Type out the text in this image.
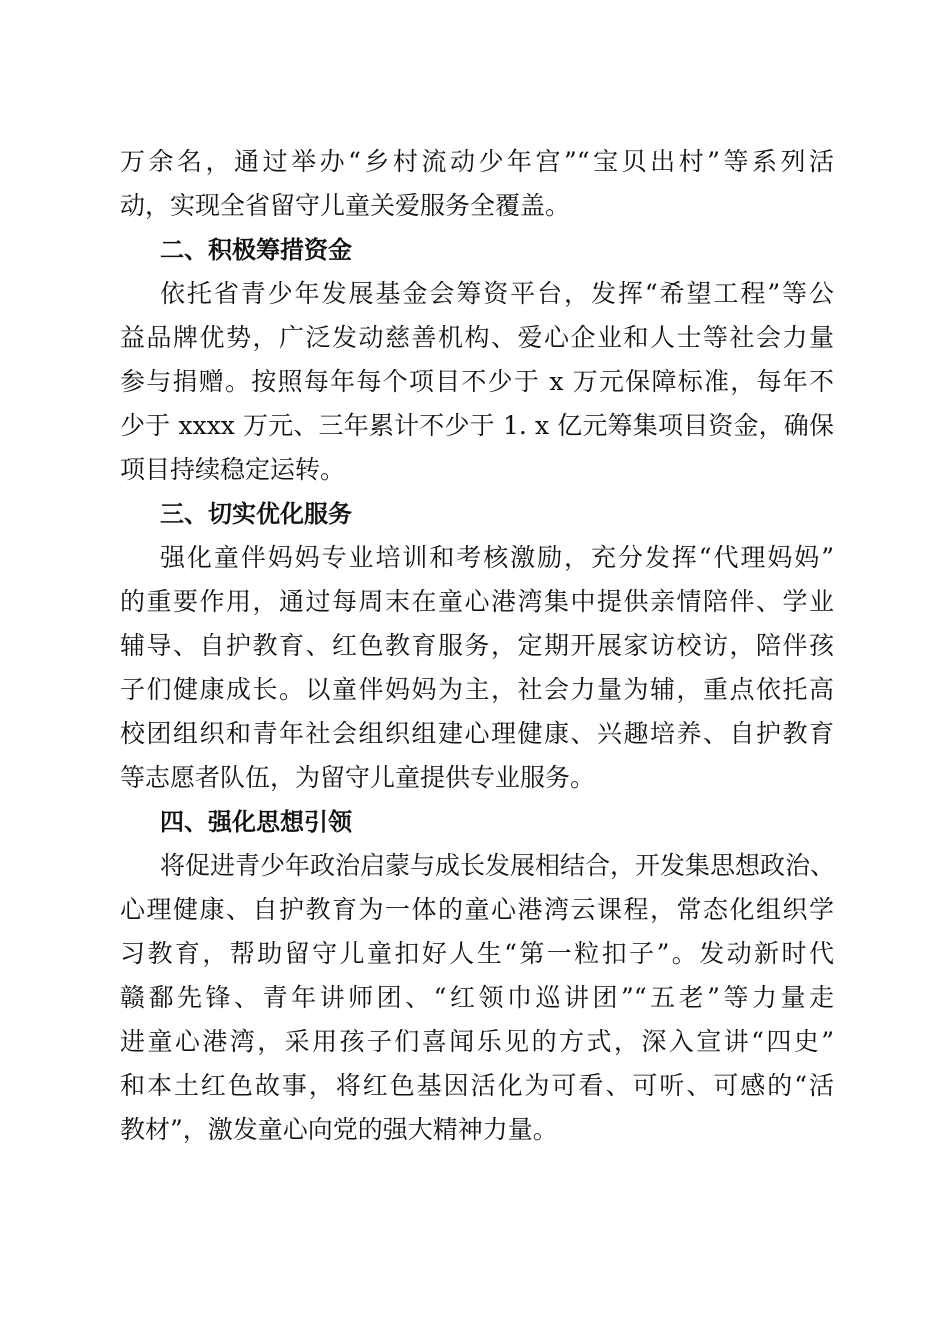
万余名，通过举办“乡村流动少年宫”“宝贝出村”等系列活
动，实现全省留守儿童关爱服务全覆盖。
二、积极筹措资金
依托省青少年发展基金会筹资平台，发挥“希望工程”等公
益品牌优势，广泛发动慈善机构、爱心企业和人士等社会力量
参与捐赠。按照每年每个项目不少于 x 万元保障标准，每年不
少于 xxxx 万元、三年累计不少于 1. x 亿元筹集项目资金，确保
项目持续稳定运转。
三、切实优化服务
强化童伴妈妈专业培训和考核激励，充分发挥“代理妈妈”
的重要作用，通过每周末在童心港湾集中提供亲情陪伴、学业
辅导、自护教育、红色教育服务，定期开展家访校访，陪伴孩
子们健康成长。以童伴妈妈为主，社会力量为辅，重点依托高
校团组织和青年社会组织组建心理健康、兴趣培养、自护教育
等志愿者队伍，为留守儿童提供专业服务。
四、强化思想引领
将促进青少年政治启蒙与成长发展相结合，开发集思想政治、
心理健康、自护教育为一体的童心港湾云课程，常态化组织学
习教育，帮助留守儿童扣好人生“第一粒扣子”。发动新时代
赣鄱先锋、青年讲师团、“红领巾巡讲团”“五老”等力量走
进童心港湾，采用孩子们喜闻乐见的方式，深入宣讲“四史”
和本土红色故事，将红色基因活化为可看、可听、可感的“活
教材”，激发童心向党的强大精神力量。
